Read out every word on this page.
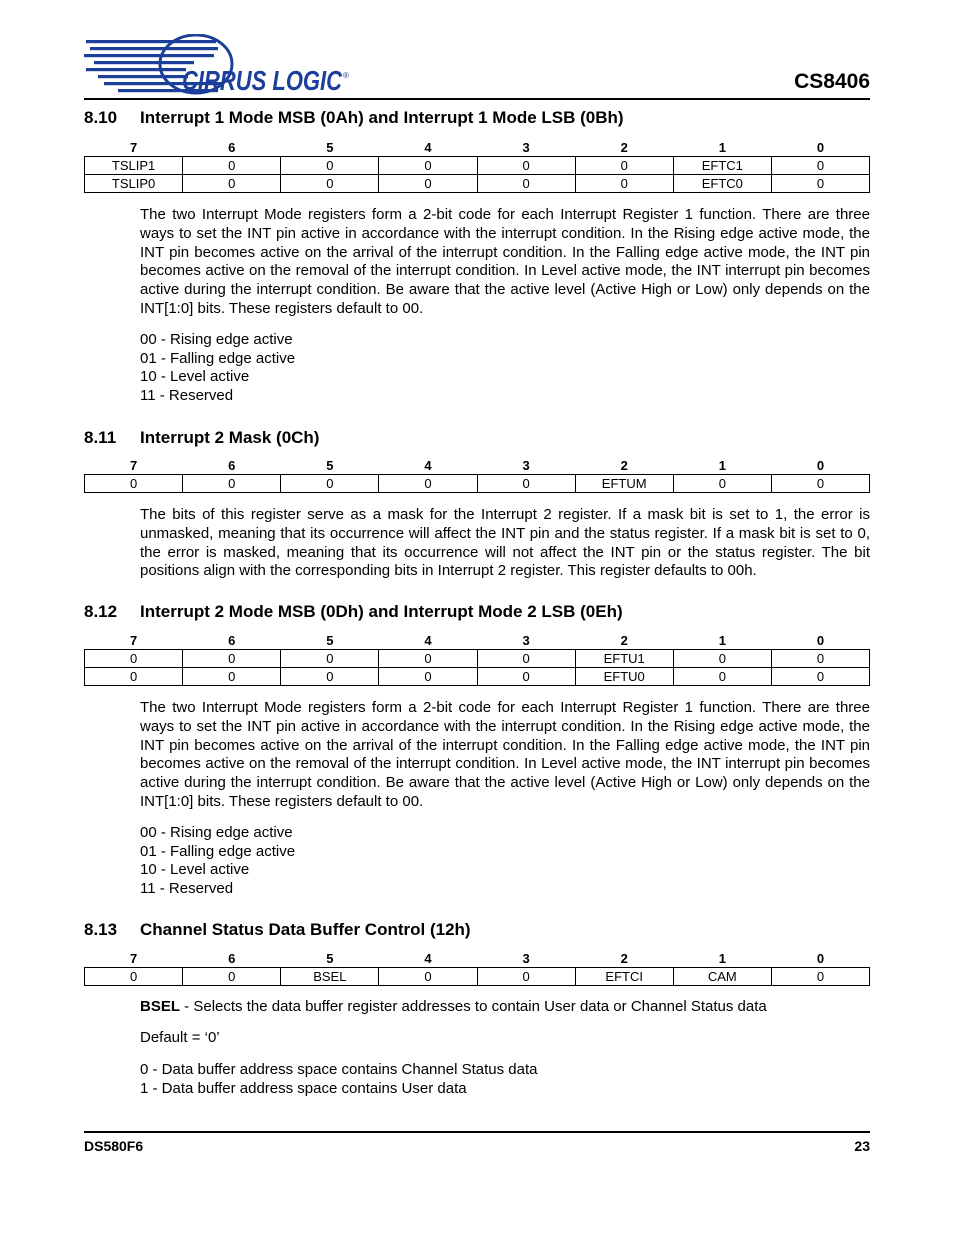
CIRRUS LOGIC ®	CS8406
8.10 Interrupt 1 Mode MSB (0Ah) and Interrupt 1 Mode LSB (0Bh)
7	6	5	4	3	2	1	0
TSLIP1	0	0	0	0	0	EFTC1	0
TSLIP0	0	0	0	0	0	EFTC0	0
The two Interrupt Mode registers form a 2-bit code for each Interrupt Register 1 function. There are three ways to set the INT pin active in accordance with the interrupt condition. In the Rising edge active mode, the INT pin becomes active on the arrival of the interrupt condition. In the Falling edge active mode, the INT pin becomes active on the removal of the interrupt condition. In Level active mode, the INT interrupt pin becomes active during the interrupt condition. Be aware that the active level (Active High or Low) only depends on the INT[1:0] bits. These registers default to 00.
00 - Rising edge active
01 - Falling edge active
10 - Level active
11 - Reserved
8.11 Interrupt 2 Mask (0Ch)
7	6	5	4	3	2	1	0
0	0	0	0	0	EFTUM	0	0
The bits of this register serve as a mask for the Interrupt 2 register. If a mask bit is set to 1, the error is unmasked, meaning that its occurrence will affect the INT pin and the status register. If a mask bit is set to 0, the error is masked, meaning that its occurrence will not affect the INT pin or the status register. The bit positions align with the corresponding bits in Interrupt 2 register. This register defaults to 00h.
8.12 Interrupt 2 Mode MSB (0Dh) and Interrupt Mode 2 LSB (0Eh)
7	6	5	4	3	2	1	0
0	0	0	0	0	EFTU1	0	0
0	0	0	0	0	EFTU0	0	0
The two Interrupt Mode registers form a 2-bit code for each Interrupt Register 1 function. There are three ways to set the INT pin active in accordance with the interrupt condition. In the Rising edge active mode, the INT pin becomes active on the arrival of the interrupt condition. In the Falling edge active mode, the INT pin becomes active on the removal of the interrupt condition. In Level active mode, the INT interrupt pin becomes active during the interrupt condition. Be aware that the active level (Active High or Low) only depends on the INT[1:0] bits. These registers default to 00.
00 - Rising edge active
01 - Falling edge active
10 - Level active
11 - Reserved
8.13 Channel Status Data Buffer Control (12h)
7	6	5	4	3	2	1	0
0	0	BSEL	0	0	EFTCI	CAM	0
BSEL - Selects the data buffer register addresses to contain User data or Channel Status data
Default = ‘0’
0 - Data buffer address space contains Channel Status data
1 - Data buffer address space contains User data
DS580F6	23
